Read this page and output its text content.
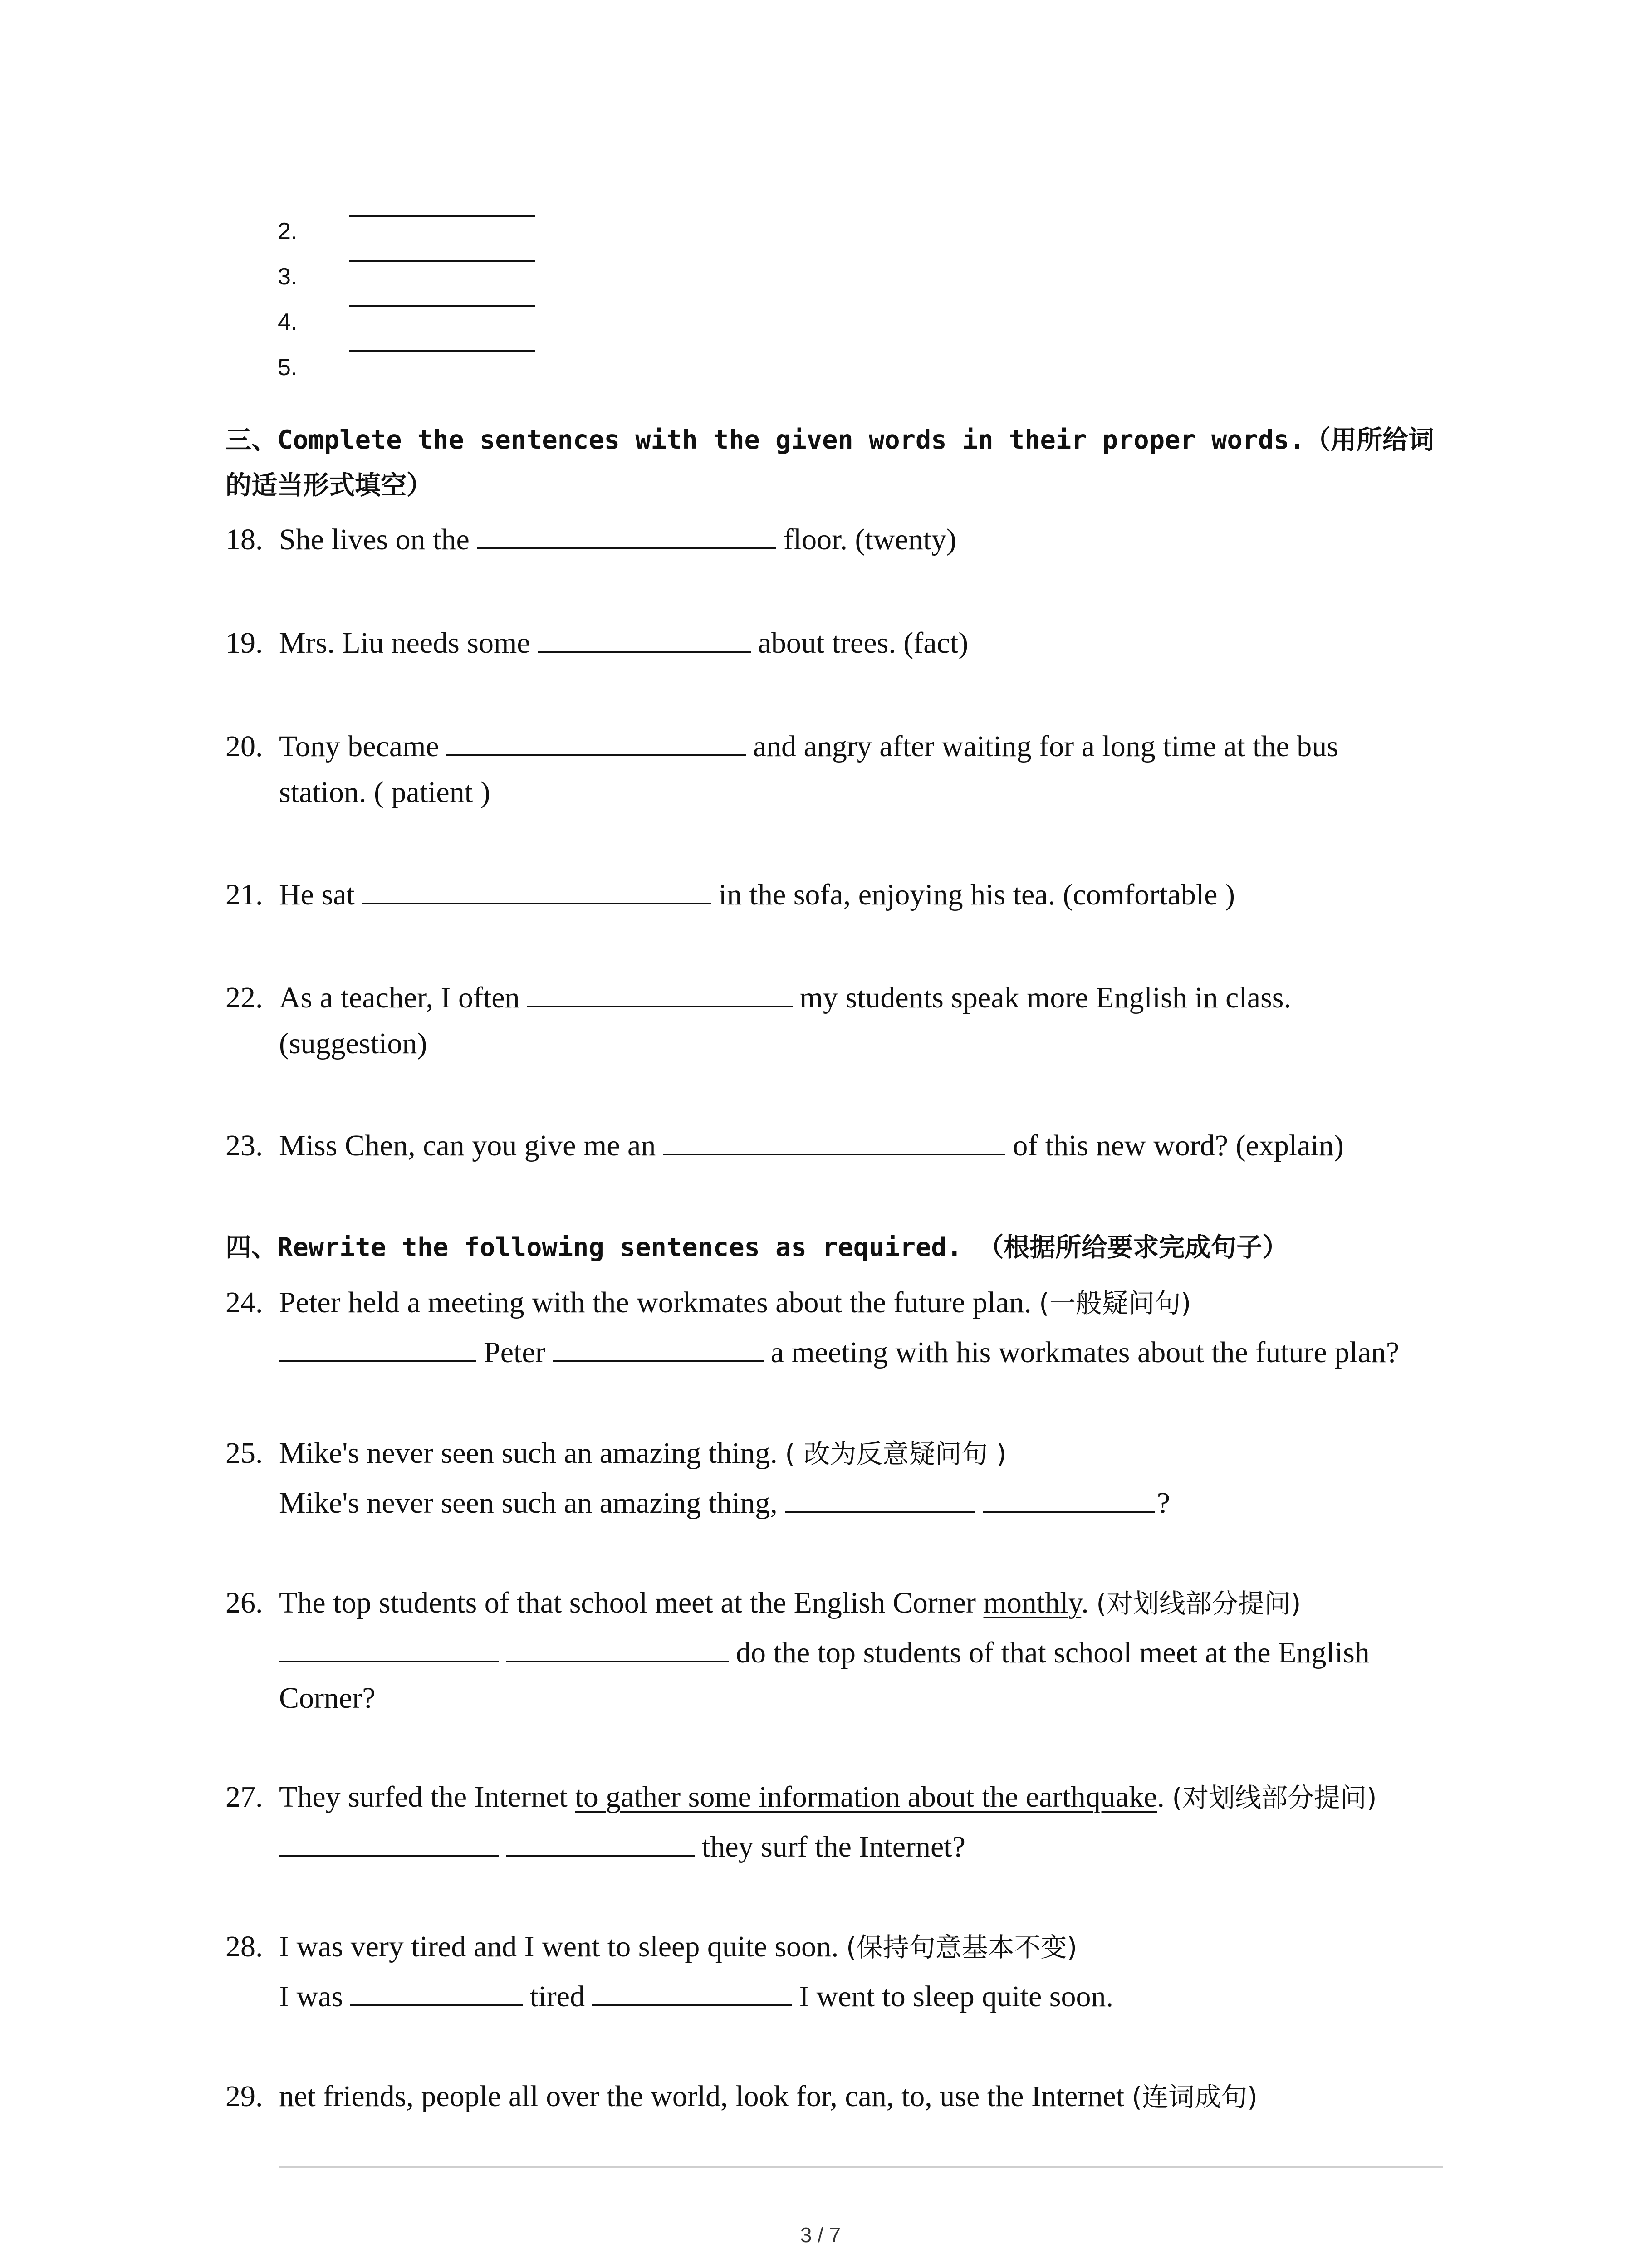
2.
3.
4.
5.
三、Complete the sentences with the given words in their proper words.（用所给词
的适当形式填空）
18. She lives on the	floor. (twenty)
19. Mrs. Liu needs some	about trees. (fact)
20. Tony became	and angry after waiting for a long time at the bus
station. ( patient )
21. He sat	in the sofa, enjoying his tea. (comfortable )
22. As a teacher, I often	my students speak more English in class.
(suggestion)
23. Miss Chen, can you give me an	of this new word? (explain)
四、Rewrite the following sentences as required. （根据所给要求完成句子）
24. Peter held a meeting with the workmates about the future plan. (一般疑问句)
Peter	a meeting with his workmates about the future plan?
25. Mike's never seen such an amazing thing. ( 改为反意疑问句 )
Mike's never seen such an amazing thing,	?
26. The top students of that school meet at the English Corner monthly. (对划线部分提问)
do the top students of that school meet at the English
Corner?
27. They surfed the Internet to gather some information about the earthquake. (对划线部分提问)
they surf the Internet?
28. I was very tired and I went to sleep quite soon. (保持句意基本不变)
I was	tired	I went to sleep quite soon.
29. net friends, people all over the world, look for, can, to, use the Internet (连词成句)
3 / 7
